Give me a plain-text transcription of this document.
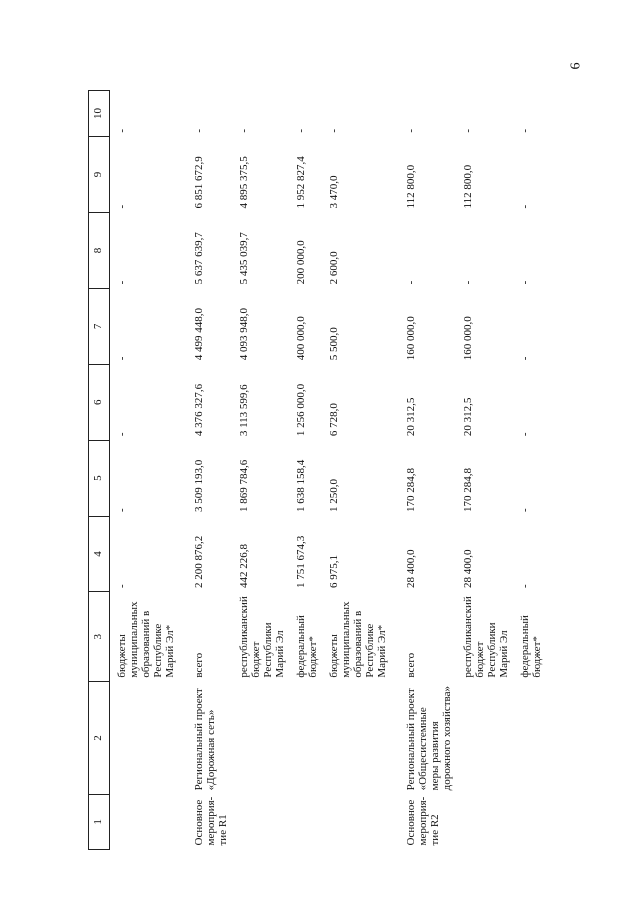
6
1	2	3	4	5	6	7	8	9	10
		бюджеты муниципальных образований в Республике Марий Эл*	-	-	-	-	-	-	-
Основное мероприя-тие R1	Региональный проект «Дорожная сеть»	всего	2 200 876,2	3 509 193,0	4 376 327,6	4 499 448,0	5 637 639,7	6 851 672,9	-
		республиканский бюджет Республики Марий Эл	442 226,8	1 869 784,6	3 113 599,6	4 093 948,0	5 435 039,7	4 895 375,5	-
		федеральный бюджет*	1 751 674,3	1 638 158,4	1 256 000,0	400 000,0	200 000,0	1 952 827,4	-
		бюджеты муниципальных образований в Республике Марий Эл*	6 975,1	1 250,0	6 728,0	5 500,0	2 600,0	3 470,0	-
Основное мероприя-тие R2	Региональный проект «Общесистемные меры развития дорожного хозяйства»	всего	28 400,0	170 284,8	20 312,5	160 000,0	-	112 800,0	-
		республиканский бюджет Республики Марий Эл	28 400,0	170 284,8	20 312,5	160 000,0	-	112 800,0	-
		федеральный бюджет*	-	-	-	-	-	-	-
